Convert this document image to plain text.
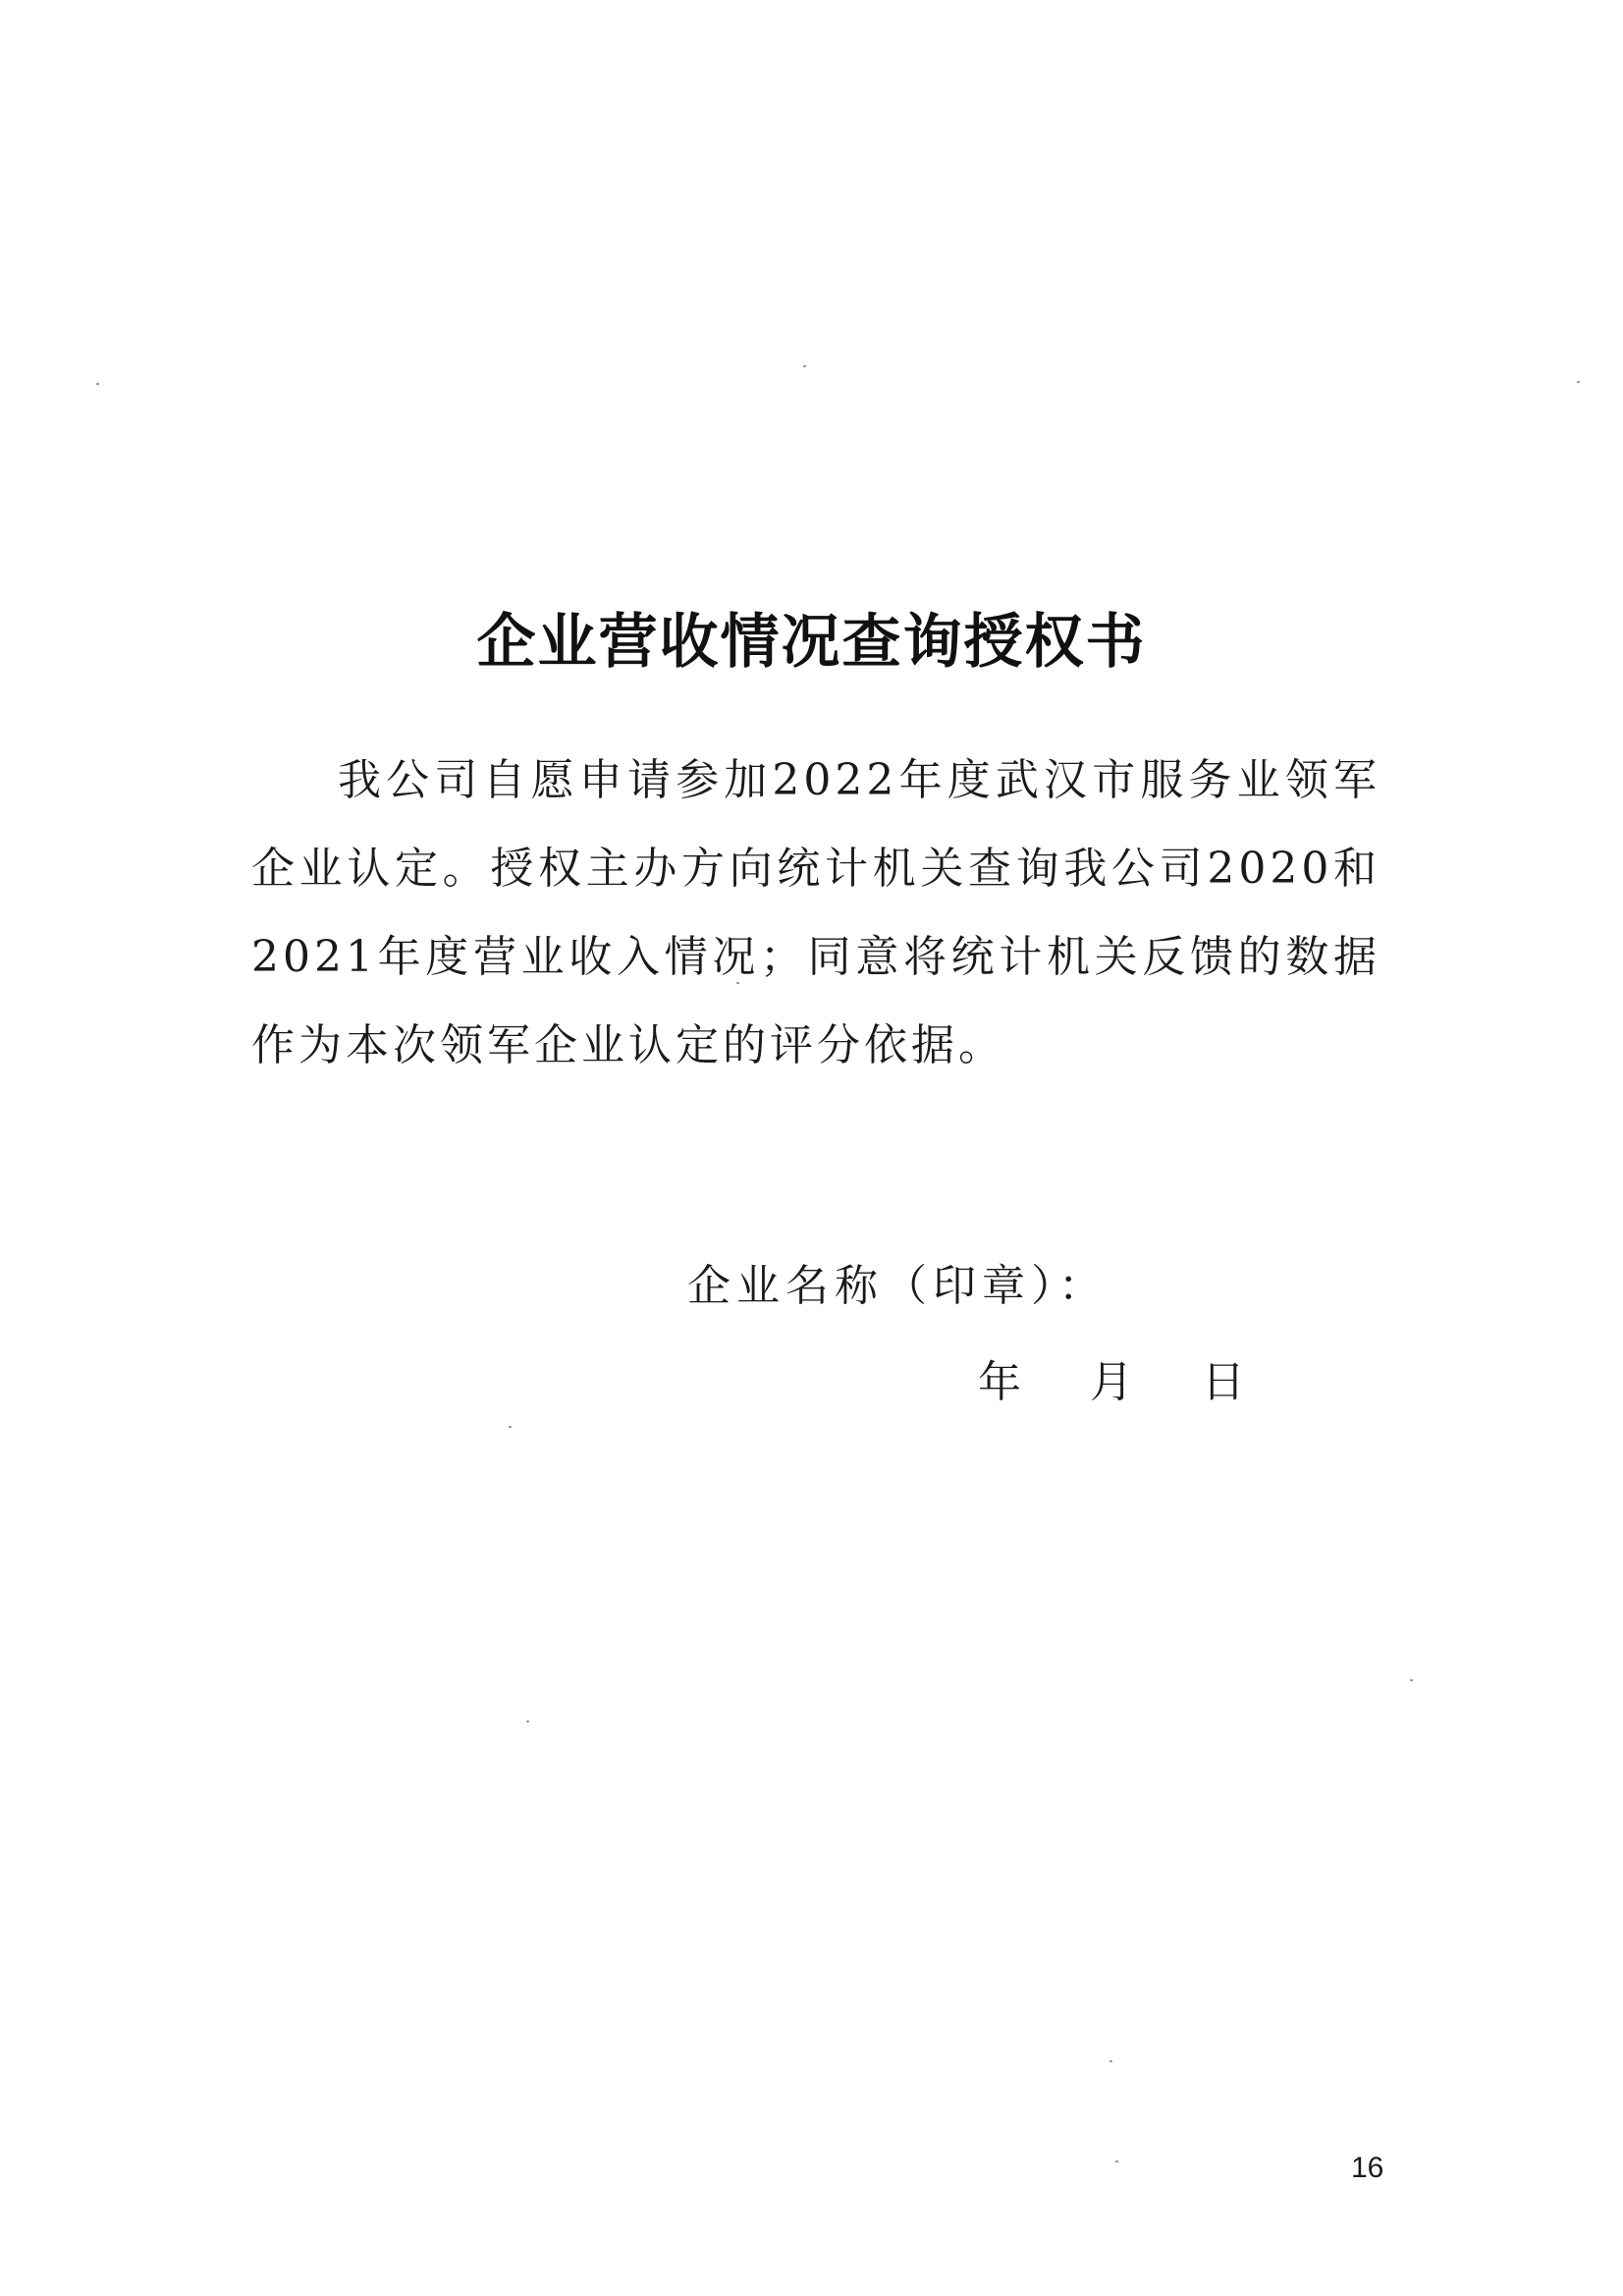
企业营收情况查询授权书

我公司自愿申请参加2022年度武汉市服务业领军企业认定。授权主办方向统计机关查询我公司2020和2021年度营业收入情况；同意将统计机关反馈的数据作为本次领军企业认定的评分依据。

企业名称（印章）：
年 月 日
16
